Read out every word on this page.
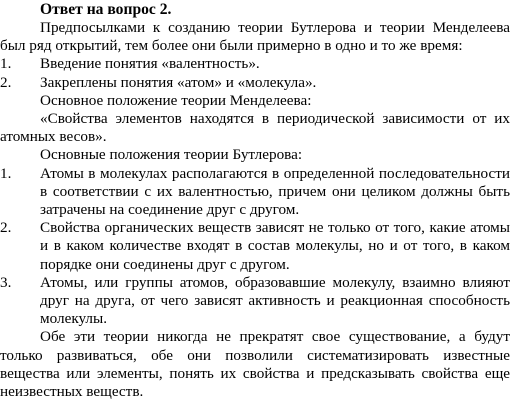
Ответ на вопрос 2.

Предпосылками к созданию теории Бутлерова и теории Менделеева был ряд открытий, тем более они были примерно в одно и то же время:

1.	Введение понятия «валентность».
2.	Закреплены понятия «атом» и «молекула».

Основное положение теории Менделеева:

«Свойства элементов находятся в периодической зависимости от их атомных весов».

Основные положения теории Бутлерова:

1.	Атомы в молекулах располагаются в определенной последовательности в соответствии с их валентностью, причем они целиком должны быть затрачены на соединение друг с другом.
2.	Свойства органических веществ зависят не только от того, какие атомы и в каком количестве входят в состав молекулы, но и от того, в каком порядке они соединены друг с другом.
3.	Атомы, или группы атомов, образовавшие молекулу, взаимно влияют друг на друга, от чего зависят активность и реакционная способность молекулы.

Обе эти теории никогда не прекратят свое существование, а будут только развиваться, обе они позволили систематизировать известные вещества или элементы, понять их свойства и предсказывать свойства еще неизвестных веществ.
